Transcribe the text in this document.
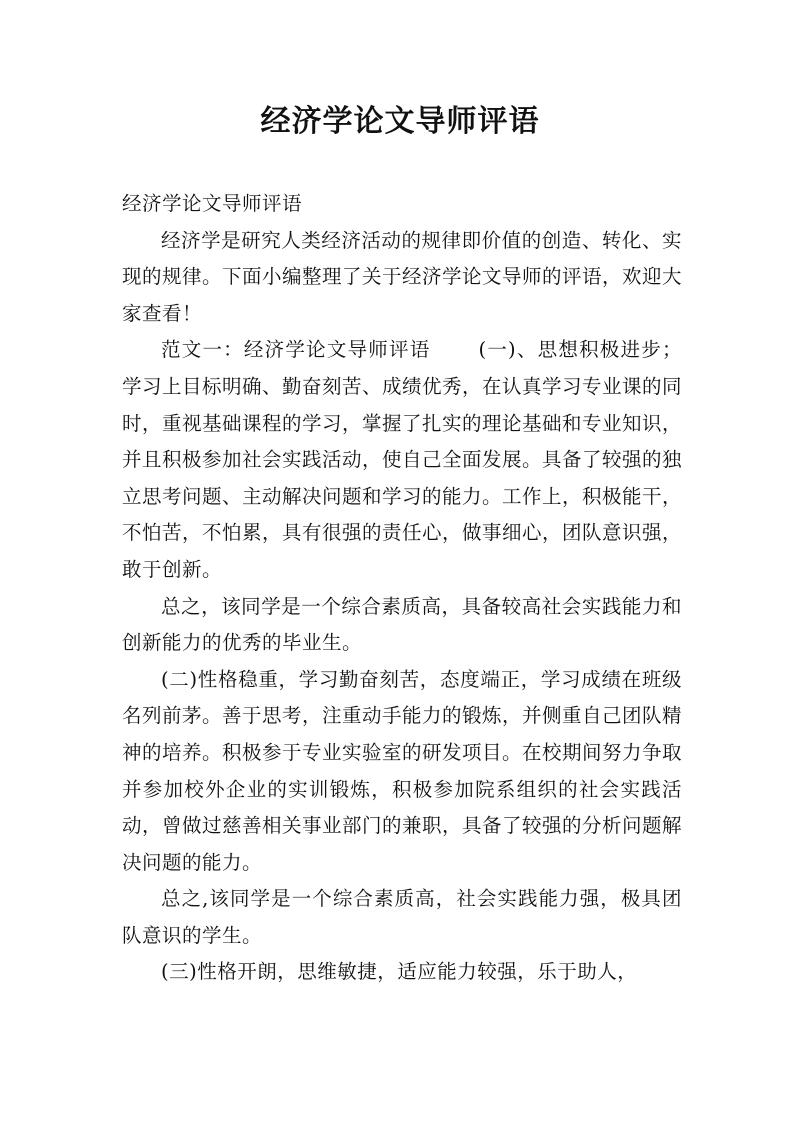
经济学论文导师评语

经济学论文导师评语

经济学是研究人类经济活动的规律即价值的创造、转化、实现的规律。下面小编整理了关于经济学论文导师的评语，欢迎大家查看！

范文一：经济学论文导师评语 (一)、思想积极进步；学习上目标明确、勤奋刻苦、成绩优秀，在认真学习专业课的同时，重视基础课程的学习，掌握了扎实的理论基础和专业知识，并且积极参加社会实践活动，使自己全面发展。具备了较强的独立思考问题、主动解决问题和学习的能力。工作上，积极能干，不怕苦，不怕累，具有很强的责任心，做事细心，团队意识强，敢于创新。

总之，该同学是一个综合素质高，具备较高社会实践能力和创新能力的优秀的毕业生。

(二)性格稳重，学习勤奋刻苦，态度端正，学习成绩在班级名列前茅。善于思考，注重动手能力的锻炼，并侧重自己团队精神的培养。积极参于专业实验室的研发项目。在校期间努力争取并参加校外企业的实训锻炼，积极参加院系组织的社会实践活动，曾做过慈善相关事业部门的兼职，具备了较强的分析问题解决问题的能力。

总之,该同学是一个综合素质高，社会实践能力强，极具团队意识的学生。

(三)性格开朗，思维敏捷，适应能力较强，乐于助人，
